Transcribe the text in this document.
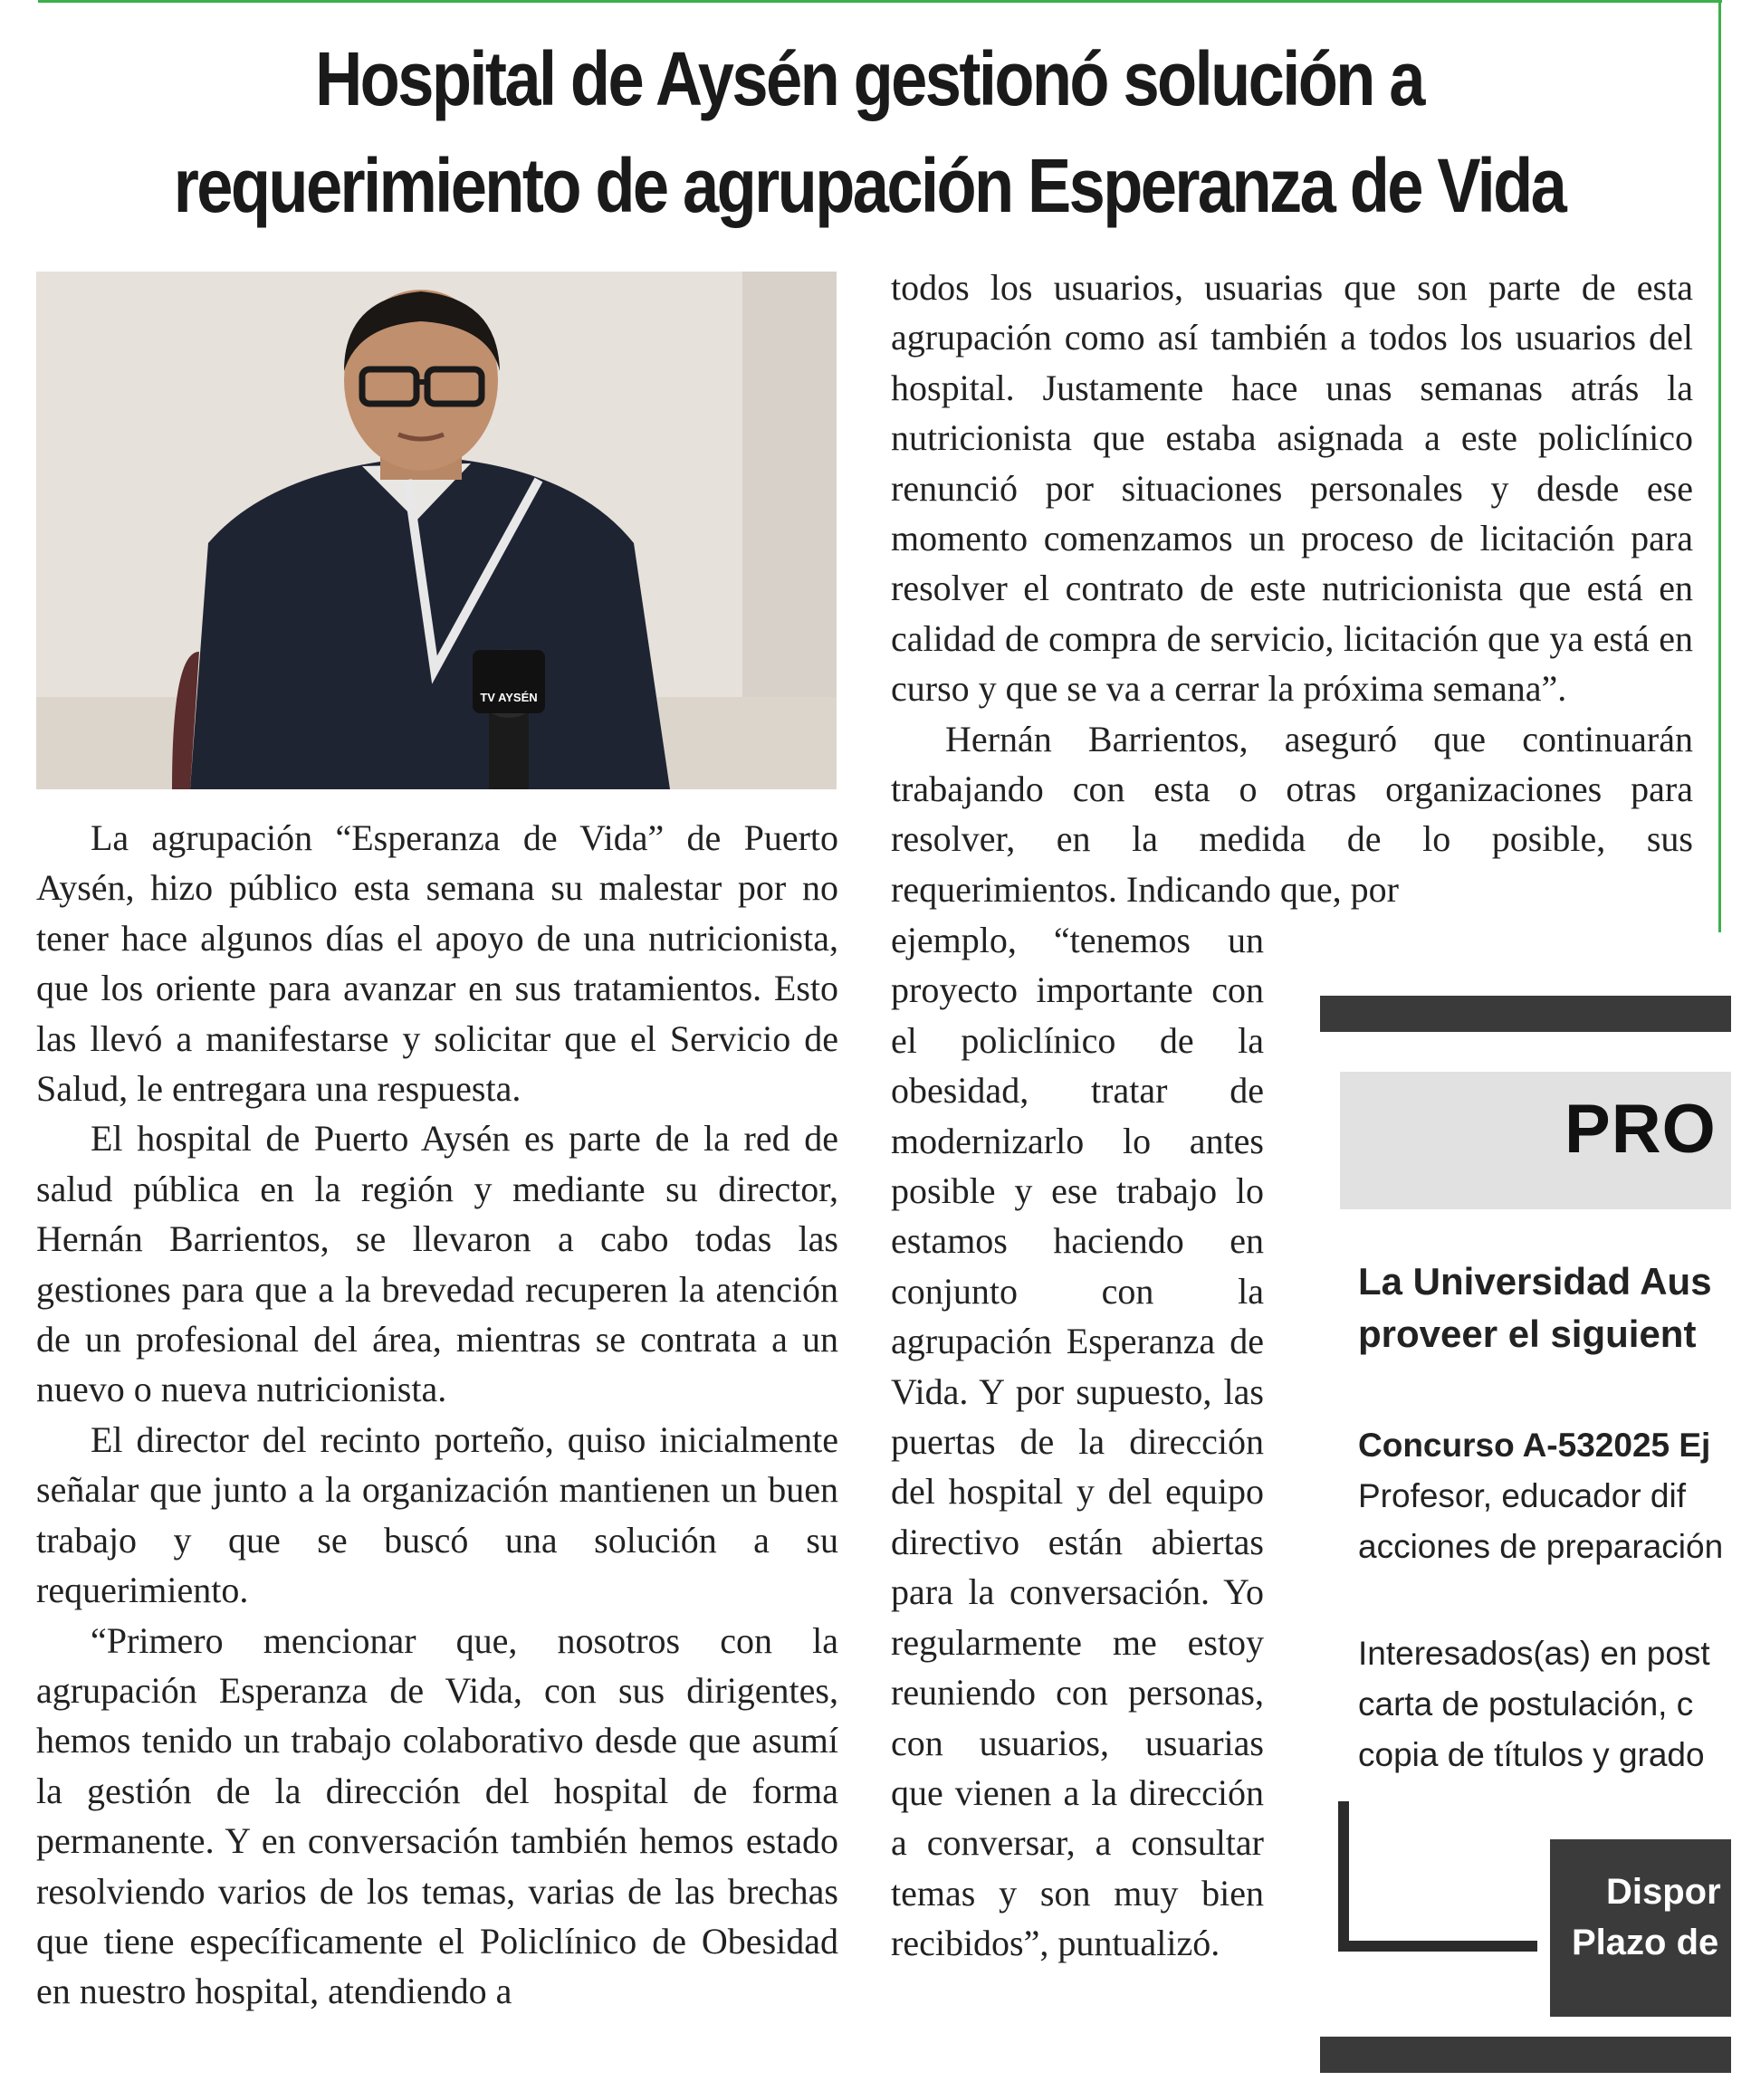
Hospital de Aysén gestionó solución a
requerimiento de agrupación Esperanza de Vida
TV AYSÉN

La agrupación “Esperanza de Vida” de Puerto Aysén, hizo público esta semana su malestar por no tener hace algunos días el apoyo de una nutricionista, que los oriente para avanzar en sus tratamientos. Esto las llevó a manifestarse y solicitar que el Servicio de Salud, le entregara una respuesta.

El hospital de Puerto Aysén es parte de la red de salud pública en la región y mediante su director, Hernán Barrientos, se llevaron a cabo todas las gestiones para que a la brevedad recuperen la atención de un profesional del área, mientras se contrata a un nuevo o nueva nutricionista.

El director del recinto porteño, quiso inicialmente señalar que junto a la organización mantienen un buen trabajo y que se buscó una solución a su requerimiento.

“Primero mencionar que, nosotros con la agrupación Esperanza de Vida, con sus dirigentes, hemos tenido un trabajo colaborativo desde que asumí la gestión de la dirección del hospital de forma permanente. Y en conversación también hemos estado resolviendo varios de los temas, varias de las brechas que tiene específicamente el Policlínico de Obesidad en nuestro hospital, atendiendo a

todos los usuarios, usuarias que son parte de esta agrupación como así también a todos los usuarios del hospital. Justamente hace unas semanas atrás la nutricionista que estaba asignada a este policlínico renunció por situaciones personales y desde ese momento comenzamos un proceso de licitación para resolver el contrato de este nutricionista que está en calidad de compra de servicio, licitación que ya está en curso y que se va a cerrar la próxima semana”.

Hernán Barrientos, aseguró que continuarán trabajando con esta o otras organizaciones para resolver, en la medida de lo posible, sus requerimientos. Indicando que, por

ejemplo, “tenemos un proyecto importante con el policlínico de la obesidad, tratar de modernizarlo lo antes posible y ese trabajo lo estamos haciendo en conjunto con la agrupación Esperanza de Vida. Y por supuesto, las puertas de la dirección del hospital y del equipo directivo están abiertas para la conversación. Yo regularmente me estoy reuniendo con personas, con usuarios, usuarias que vienen a la dirección a conversar, a consultar temas y son muy bien recibidos”, puntualizó.

PRO
La Universidad Aus
proveer el siguient
Concurso A-532025 Ej
Profesor, educador dif
acciones de preparación
Interesados(as) en post
carta de postulación, c
copia de títulos y grado
Dispor
Plazo de p
